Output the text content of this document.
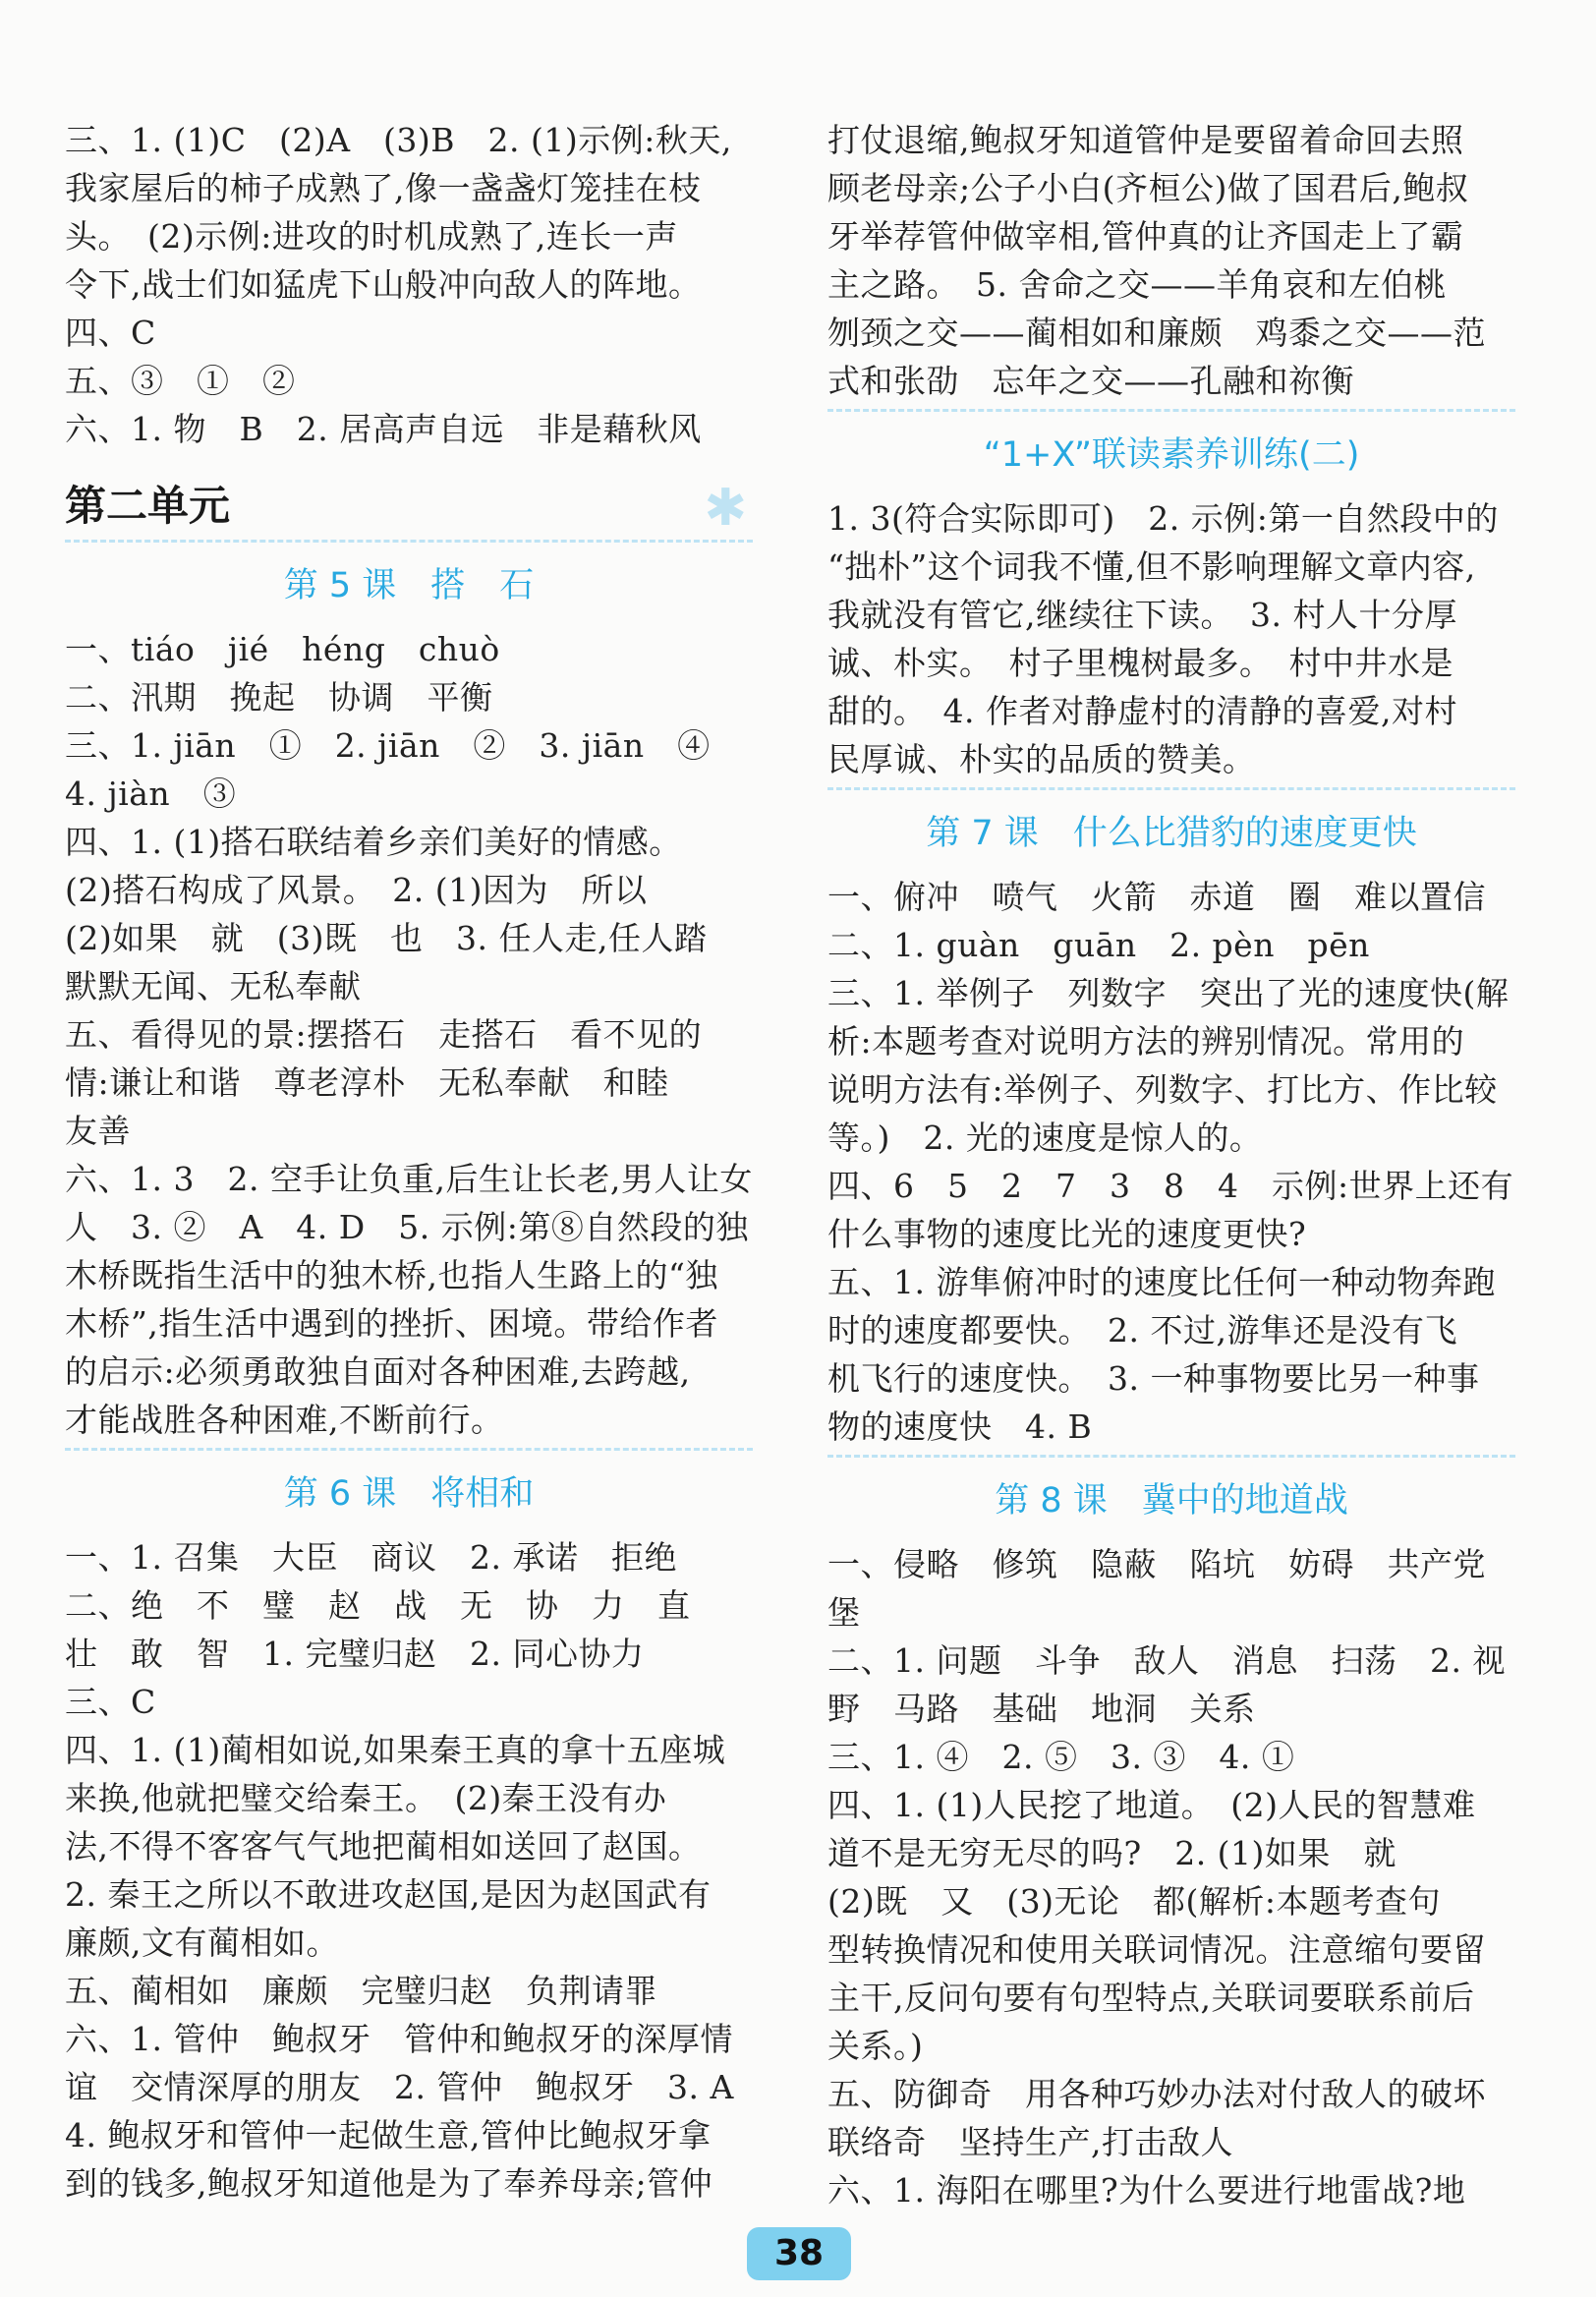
三、1. (1)C　(2)A　(3)B　2. (1)示例:秋天,
我家屋后的柿子成熟了,像一盏盏灯笼挂在枝
头。　(2)示例:进攻的时机成熟了,连长一声
令下,战士们如猛虎下山般冲向敌人的阵地。
四、C
五、③　①　②
六、1. 物　B　2. 居高声自远　非是藉秋风
第二单元	✱
第 5 课　搭　石
一、tiáo　jié　héng　chuò
二、汛期　挽起　协调　平衡
三、1. jiān　①　2. jiān　②　3. jiān　④
4. jiàn　③
四、1. (1)搭石联结着乡亲们美好的情感。
(2)搭石构成了风景。　2. (1)因为　所以
(2)如果　就　(3)既　也　3. 任人走,任人踏
默默无闻、无私奉献
五、看得见的景:摆搭石　走搭石　看不见的
情:谦让和谐　尊老淳朴　无私奉献　和睦
友善
六、1. 3　2. 空手让负重,后生让长老,男人让女
人　3. ②　A　4. D　5. 示例:第⑧自然段的独
木桥既指生活中的独木桥,也指人生路上的“独
木桥”,指生活中遇到的挫折、困境。带给作者
的启示:必须勇敢独自面对各种困难,去跨越,
才能战胜各种困难,不断前行。
第 6 课　将相和
一、1. 召集　大臣　商议　2. 承诺　拒绝
二、绝　不　璧　赵　战　无　协　力　直
壮　敢　智　1. 完璧归赵　2. 同心协力
三、C
四、1. (1)蔺相如说,如果秦王真的拿十五座城
来换,他就把璧交给秦王。　(2)秦王没有办
法,不得不客客气气地把蔺相如送回了赵国。
2. 秦王之所以不敢进攻赵国,是因为赵国武有
廉颇,文有蔺相如。
五、蔺相如　廉颇　完璧归赵　负荆请罪
六、1. 管仲　鲍叔牙　管仲和鲍叔牙的深厚情
谊　交情深厚的朋友　2. 管仲　鲍叔牙　3. A
4. 鲍叔牙和管仲一起做生意,管仲比鲍叔牙拿
到的钱多,鲍叔牙知道他是为了奉养母亲;管仲
打仗退缩,鲍叔牙知道管仲是要留着命回去照
顾老母亲;公子小白(齐桓公)做了国君后,鲍叔
牙举荐管仲做宰相,管仲真的让齐国走上了霸
主之路。　5. 舍命之交——羊角哀和左伯桃
刎颈之交——蔺相如和廉颇　鸡黍之交——范
式和张劭　忘年之交——孔融和祢衡
“1+X”联读素养训练(二)
1. 3(符合实际即可)　2. 示例:第一自然段中的
“拙朴”这个词我不懂,但不影响理解文章内容,
我就没有管它,继续往下读。　3. 村人十分厚
诚、朴实。　村子里槐树最多。　村中井水是
甜的。　4. 作者对静虚村的清静的喜爱,对村
民厚诚、朴实的品质的赞美。
第 7 课　什么比猎豹的速度更快
一、俯冲　喷气　火箭　赤道　圈　难以置信
二、1. guàn　guān　2. pèn　pēn
三、1. 举例子　列数字　突出了光的速度快(解
析:本题考查对说明方法的辨别情况。常用的
说明方法有:举例子、列数字、打比方、作比较
等。)　2. 光的速度是惊人的。
四、6　5　2　7　3　8　4　示例:世界上还有
什么事物的速度比光的速度更快?
五、1. 游隼俯冲时的速度比任何一种动物奔跑
时的速度都要快。　2. 不过,游隼还是没有飞
机飞行的速度快。　3. 一种事物要比另一种事
物的速度快　4. B
第 8 课　冀中的地道战
一、侵略　修筑　隐蔽　陷坑　妨碍　共产党
堡
二、1. 问题　斗争　敌人　消息　扫荡　2. 视
野　马路　基础　地洞　关系
三、1. ④　2. ⑤　3. ③　4. ①
四、1. (1)人民挖了地道。　(2)人民的智慧难
道不是无穷无尽的吗?　2. (1)如果　就
(2)既　又　(3)无论　都(解析:本题考查句
型转换情况和使用关联词情况。注意缩句要留
主干,反问句要有句型特点,关联词要联系前后
关系。)
五、防御奇　用各种巧妙办法对付敌人的破坏
联络奇　坚持生产,打击敌人
六、1. 海阳在哪里?为什么要进行地雷战?地
38
